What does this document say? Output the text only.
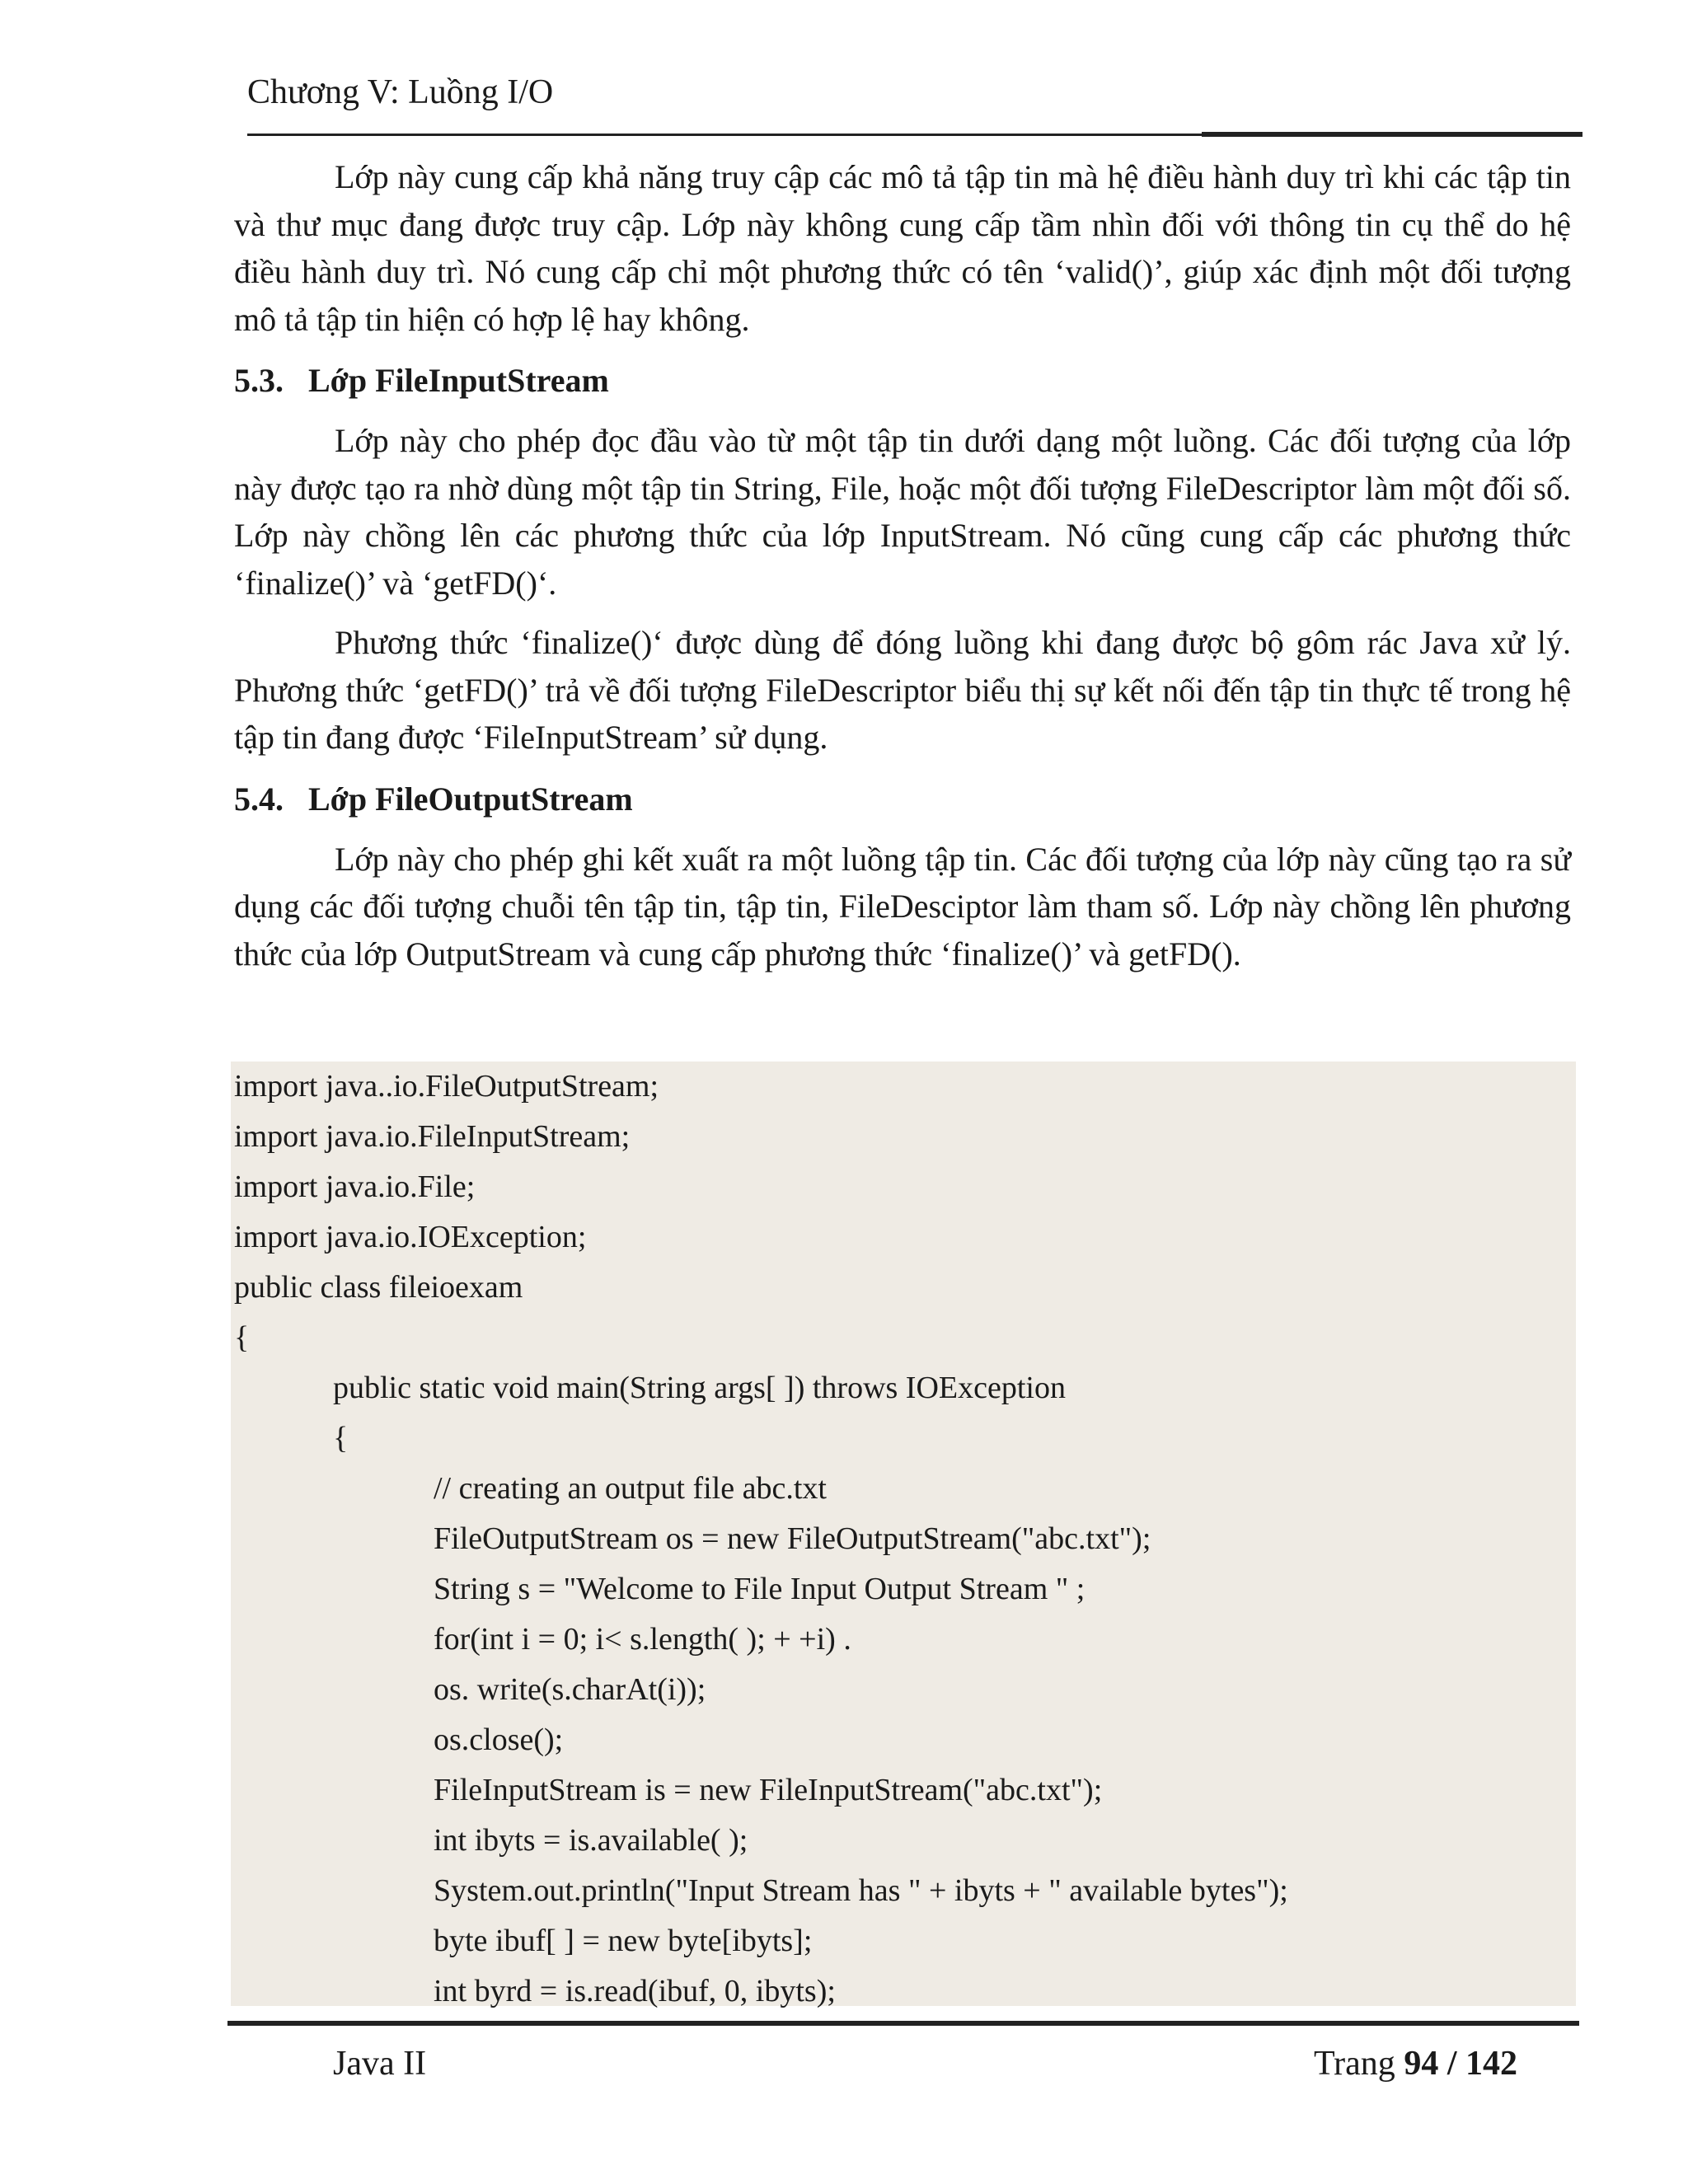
Chương V: Luồng I/O

Lớp này cung cấp khả năng truy cập các mô tả tập tin mà hệ điều hành duy trì khi các tập tin và thư mục đang được truy cập. Lớp này không cung cấp tầm nhìn đối với thông tin cụ thể do hệ điều hành duy trì. Nó cung cấp chỉ một phương thức có tên ‘valid()’, giúp xác định một đối tượng mô tả tập tin hiện có hợp lệ hay không.

5.3. Lớp FileInputStream

Lớp này cho phép đọc đầu vào từ một tập tin dưới dạng một luồng. Các đối tượng của lớp này được tạo ra nhờ dùng một tập tin String, File, hoặc một đối tượng FileDescriptor làm một đối số. Lớp này chồng lên các phương thức của lớp InputStream. Nó cũng cung cấp các phương thức ‘finalize()’ và ‘getFD()‘.

Phương thức ‘finalize()‘ được dùng để đóng luồng khi đang được bộ gôm rác Java xử lý. Phương thức ‘getFD()’ trả về đối tượng FileDescriptor biểu thị sự kết nối đến tập tin thực tế trong hệ tập tin đang được ‘FileInputStream’ sử dụng.

5.4. Lớp FileOutputStream

Lớp này cho phép ghi kết xuất ra một luồng tập tin. Các đối tượng của lớp này cũng tạo ra sử dụng các đối tượng chuỗi tên tập tin, tập tin, FileDesciptor làm tham số. Lớp này chồng lên phương thức của lớp OutputStream và cung cấp phương thức ‘finalize()’ và getFD().

import java..io.FileOutputStream;
import java.io.FileInputStream;
import java.io.File;
import java.io.IOException;
public class fileioexam
{
public static void main(String args[ ]) throws IOException
{
// creating an output file abc.txt
FileOutputStream os = new FileOutputStream("abc.txt");
String s = "Welcome to File Input Output Stream " ;
for(int i = 0; i< s.length( ); + +i) .
os. write(s.charAt(i));
os.close();
FileInputStream is = new FileInputStream("abc.txt");
int ibyts = is.available( );
System.out.println("Input Stream has " + ibyts + " available bytes");
byte ibuf[ ] = new byte[ibyts];
int byrd = is.read(ibuf, 0, ibyts);
Java II	Trang 94 / 142
